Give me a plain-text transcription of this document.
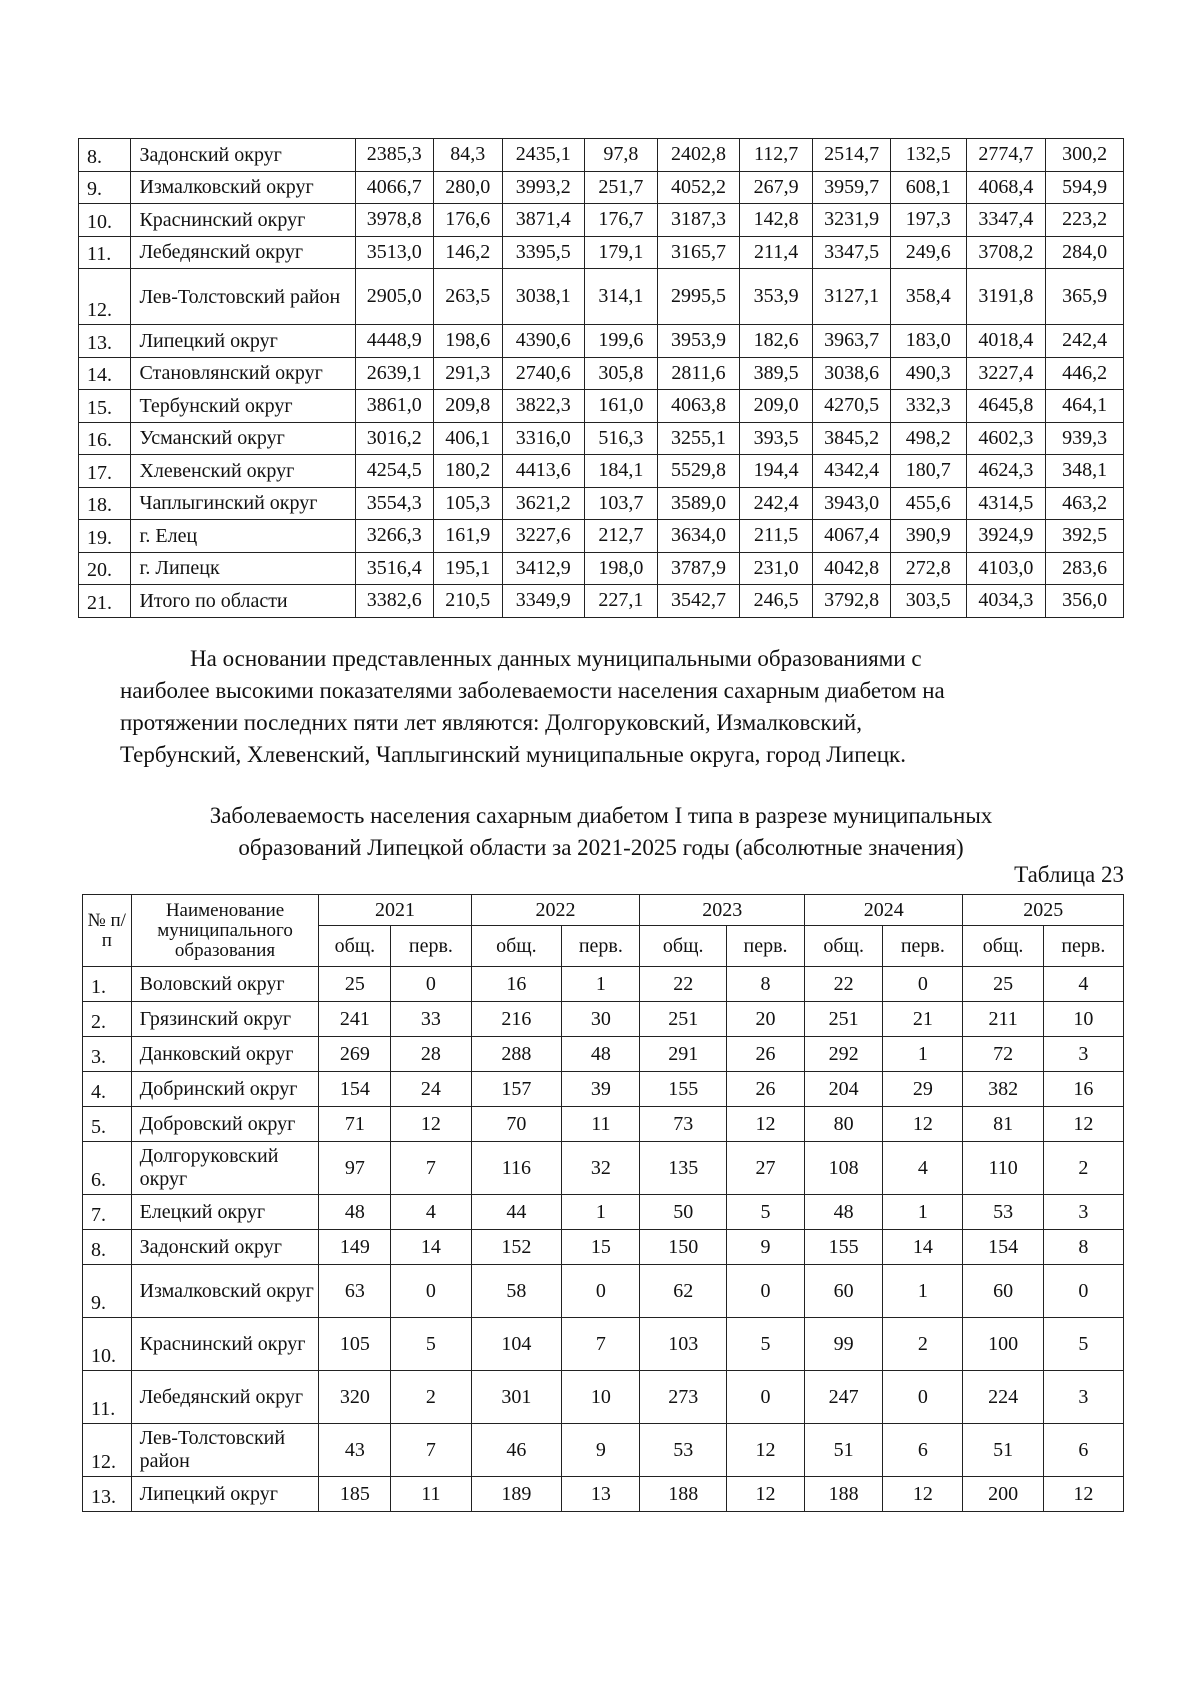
8.	Задонский округ	2385,3	84,3	2435,1	97,8	2402,8	112,7	2514,7	132,5	2774,7	300,2
9.	Измалковский округ	4066,7	280,0	3993,2	251,7	4052,2	267,9	3959,7	608,1	4068,4	594,9
10.	Краснинский округ	3978,8	176,6	3871,4	176,7	3187,3	142,8	3231,9	197,3	3347,4	223,2
11.	Лебедянский округ	3513,0	146,2	3395,5	179,1	3165,7	211,4	3347,5	249,6	3708,2	284,0
12.	Лев-Толстовский район	2905,0	263,5	3038,1	314,1	2995,5	353,9	3127,1	358,4	3191,8	365,9
13.	Липецкий округ	4448,9	198,6	4390,6	199,6	3953,9	182,6	3963,7	183,0	4018,4	242,4
14.	Становлянский округ	2639,1	291,3	2740,6	305,8	2811,6	389,5	3038,6	490,3	3227,4	446,2
15.	Тербунский округ	3861,0	209,8	3822,3	161,0	4063,8	209,0	4270,5	332,3	4645,8	464,1
16.	Усманский округ	3016,2	406,1	3316,0	516,3	3255,1	393,5	3845,2	498,2	4602,3	939,3
17.	Хлевенский округ	4254,5	180,2	4413,6	184,1	5529,8	194,4	4342,4	180,7	4624,3	348,1
18.	Чаплыгинский округ	3554,3	105,3	3621,2	103,7	3589,0	242,4	3943,0	455,6	4314,5	463,2
19.	г. Елец	3266,3	161,9	3227,6	212,7	3634,0	211,5	4067,4	390,9	3924,9	392,5
20.	г. Липецк	3516,4	195,1	3412,9	198,0	3787,9	231,0	4042,8	272,8	4103,0	283,6
21.	Итого по области	3382,6	210,5	3349,9	227,1	3542,7	246,5	3792,8	303,5	4034,3	356,0

На основании представленных данных муниципальными образованиями с
наиболее высокими показателями заболеваемости населения сахарным диабетом на
протяжении последних пяти лет являются: Долгоруковский, Измалковский,
Тербунский, Хлевенский, Чаплыгинский муниципальные округа, город Липецк.

Заболеваемость населения сахарным диабетом I типа в разрезе муниципальных
образований Липецкой области за 2021-2025 годы (абсолютные значения)

Таблица 23

№ п/п	Наименование муниципального образования	2021		2022		2023		2024		2025	
		общ.	перв.	общ.	перв.	общ.	перв.	общ.	перв.	общ.	перв.
1.	Воловский округ	25	0	16	1	22	8	22	0	25	4
2.	Грязинский округ	241	33	216	30	251	20	251	21	211	10
3.	Данковский округ	269	28	288	48	291	26	292	1	72	3
4.	Добринский округ	154	24	157	39	155	26	204	29	382	16
5.	Добровский округ	71	12	70	11	73	12	80	12	81	12
6.	Долгоруковский округ	97	7	116	32	135	27	108	4	110	2
7.	Елецкий округ	48	4	44	1	50	5	48	1	53	3
8.	Задонский округ	149	14	152	15	150	9	155	14	154	8
9.	Измалковский округ	63	0	58	0	62	0	60	1	60	0
10.	Краснинский округ	105	5	104	7	103	5	99	2	100	5
11.	Лебедянский округ	320	2	301	10	273	0	247	0	224	3
12.	Лев-Толстовский район	43	7	46	9	53	12	51	6	51	6
13.	Липецкий округ	185	11	189	13	188	12	188	12	200	12
